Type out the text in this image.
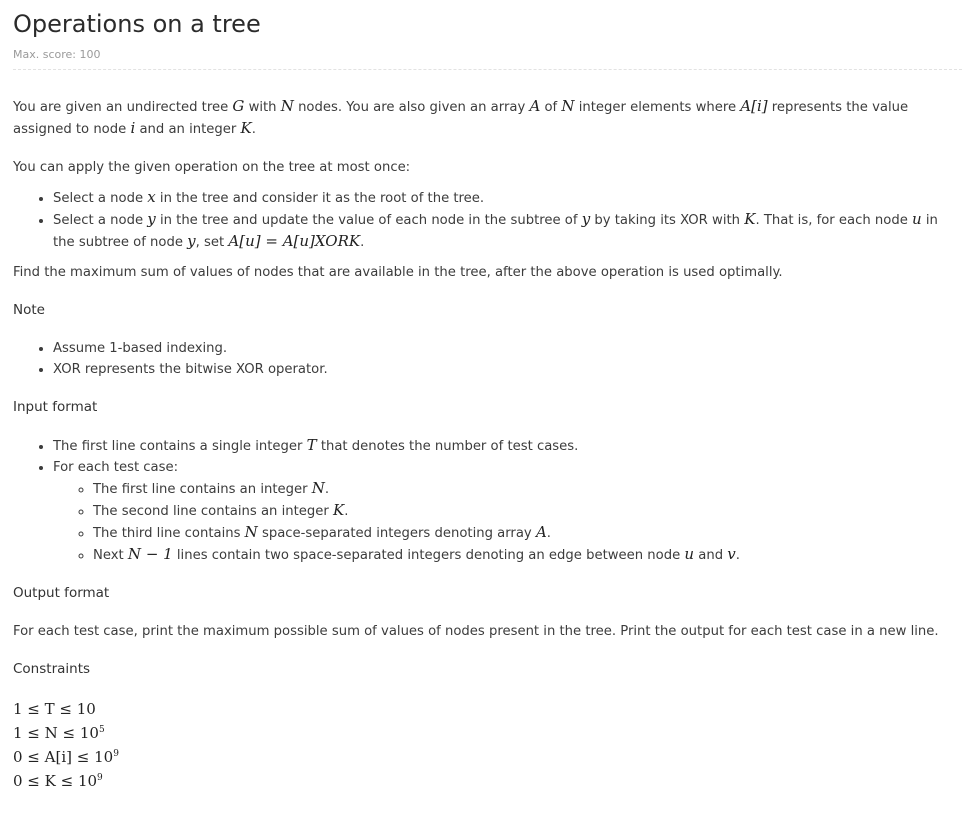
Operations on a tree
Max. score: 100

You are given an undirected tree G with N nodes. You are also given an array A of N integer elements where A[i] represents the value assigned to node i and an integer K.

You can apply the given operation on the tree at most once:

• Select a node x in the tree and consider it as the root of the tree.
• Select a node y in the tree and update the value of each node in the subtree of y by taking its XOR with K. That is, for each node u in the subtree of node y, set A[u] = A[u]XORK.

Find the maximum sum of values of nodes that are available in the tree, after the above operation is used optimally.

Note

• Assume 1-based indexing.
• XOR represents the bitwise XOR operator.

Input format

• The first line contains a single integer T that denotes the number of test cases.
• For each test case:
◦ The first line contains an integer N.
◦ The second line contains an integer K.
◦ The third line contains N space-separated integers denoting array A.
◦ Next N − 1 lines contain two space-separated integers denoting an edge between node u and v.

Output format

For each test case, print the maximum possible sum of values of nodes present in the tree. Print the output for each test case in a new line.

Constraints

1 ≤ T ≤ 10
$1 \le N \le 10^5$
$0 \le A[i] \le 10^9$
$0 \le K \le 10^9$
